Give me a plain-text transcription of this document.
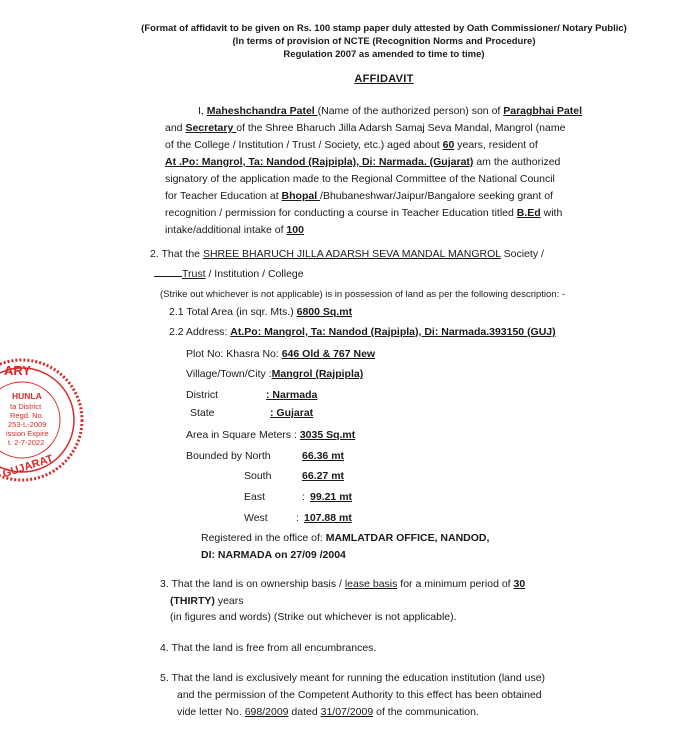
ARY
HUNLA
ta District
Regd. No.
253-L-2009
ission Expire
t. 2-7-2022
GUJARAT
(Format of affidavit to be given on Rs. 100 stamp paper duly attested by Oath Commissioner/ Notary Public)
(In terms of provision of NCTE (Recognition Norms and Procedure)
Regulation 2007 as amended to time to time)
AFFIDAVIT
I, Maheshchandra Patel (Name of the authorized person) son of Paragbhai Patel
and Secretary of the Shree Bharuch Jilla Adarsh Samaj Seva Mandal, Mangrol (name
of the College / Institution / Trust / Society, etc.) aged about 60 years, resident of
At .Po: Mangrol, Ta: Nandod (Rajpipla), Di: Narmada. (Gujarat) am the authorized
signatory of the application made to the Regional Committee of the National Council
for Teacher Education at Bhopal /Bhubaneshwar/Jaipur/Bangalore seeking grant of
recognition / permission for conducting a course in Teacher Education titled B.Ed with
intake/additional intake of 100
2. That the SHREE BHARUCH JILLA ADARSH SEVA MANDAL MANGROL Society /
Trust / Institution / College
(Strike out whichever is not applicable) is in possession of land as per the following description: -
2.1 Total Area (in sqr. Mts.) 6800 Sq.mt
2.2 Address: At.Po: Mangrol, Ta: Nandod (Rajpipla), Di: Narmada.393150 (GUJ)
Plot No: Khasra No: 646 Old & 767 New
Village/Town/City :Mangrol (Rajpipla)
District	: Narmada
State	: Gujarat
Area in Square Meters : 3035 Sq.mt
Bounded by North	66.36 mt
South	66.27 mt
East	: 99.21 mt
West	: 107.88 mt
Registered in the office of: MAMLATDAR OFFICE, NANDOD,
DI: NARMADA on 27/09 /2004
3. That the land is on ownership basis / lease basis for a minimum period of 30
(THIRTY) years
(in figures and words) (Strike out whichever is not applicable).
4. That the land is free from all encumbrances.
5. That the land is exclusively meant for running the education institution (land use)
and the permission of the Competent Authority to this effect has been obtained
vide letter No. 698/2009 dated 31/07/2009 of the communication.
